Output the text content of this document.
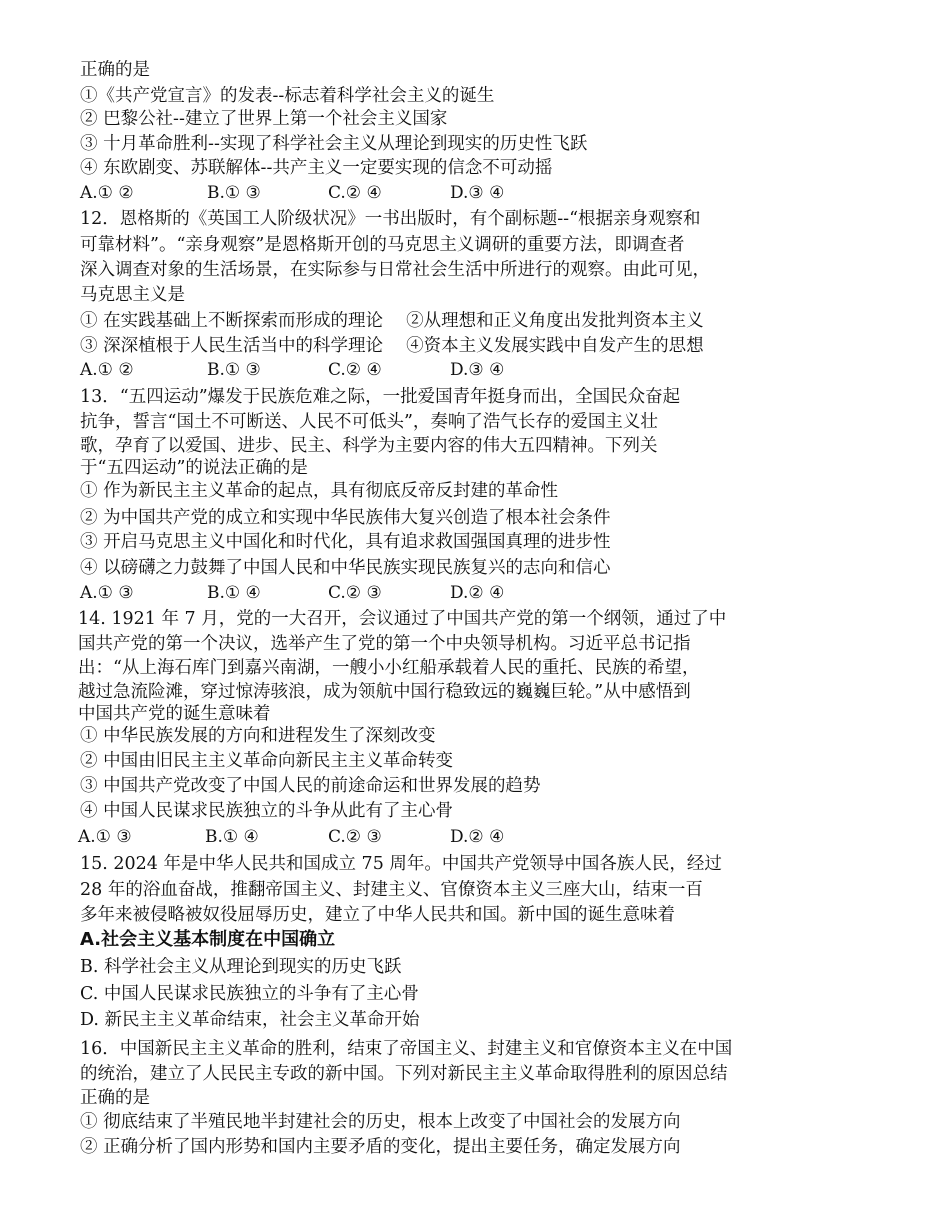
正确的是
①《共产党宣言》的发表--标志着科学社会主义的诞生
② 巴黎公社--建立了世界上第一个社会主义国家
③ 十月革命胜利--实现了科学社会主义从理论到现实的历史性飞跃
④ 东欧剧变、苏联解体--共产主义一定要实现的信念不可动摇
A.① ②	B.① ③	C.② ④	D.③ ④
12．恩格斯的《英国工人阶级状况》一书出版时，有个副标题--“根据亲身观察和
可靠材料”。“亲身观察”是恩格斯开创的马克思主义调研的重要方法，即调查者
深入调查对象的生活场景，在实际参与日常社会生活中所进行的观察。由此可见，
马克思主义是
① 在实践基础上不断探索而形成的理论　 ②从理想和正义角度出发批判资本主义
③ 深深植根于人民生活当中的科学理论　 ④资本主义发展实践中自发产生的思想
A.① ②	B.① ③	C.② ④	D.③ ④
13．“五四运动”爆发于民族危难之际，一批爱国青年挺身而出，全国民众奋起
抗争，誓言“国土不可断送、人民不可低头”，奏响了浩气长存的爱国主义壮
歌，孕育了以爱国、进步、民主、科学为主要内容的伟大五四精神。下列关
于“五四运动”的说法正确的是
① 作为新民主主义革命的起点，具有彻底反帝反封建的革命性
② 为中国共产党的成立和实现中华民族伟大复兴创造了根本社会条件
③ 开启马克思主义中国化和时代化，具有追求救国强国真理的进步性
④ 以磅礴之力鼓舞了中国人民和中华民族实现民族复兴的志向和信心
A.① ③	B.① ④	C.② ③	D.② ④
14. 1921 年 7 月，党的一大召开，会议通过了中国共产党的第一个纲领，通过了中
国共产党的第一个决议，选举产生了党的第一个中央领导机构。习近平总书记指
出：“从上海石库门到嘉兴南湖，一艘小小红船承载着人民的重托、民族的希望，
越过急流险滩，穿过惊涛骇浪，成为领航中国行稳致远的巍巍巨轮。”从中感悟到
中国共产党的诞生意味着
① 中华民族发展的方向和进程发生了深刻改变
② 中国由旧民主主义革命向新民主主义革命转变
③ 中国共产党改变了中国人民的前途命运和世界发展的趋势
④ 中国人民谋求民族独立的斗争从此有了主心骨
A.① ③	B.① ④	C.② ③	D.② ④
15. 2024 年是中华人民共和国成立 75 周年。中国共产党领导中国各族人民，经过
28 年的浴血奋战，推翻帝国主义、封建主义、官僚资本主义三座大山，结束一百
多年来被侵略被奴役屈辱历史，建立了中华人民共和国。新中国的诞生意味着
A.社会主义基本制度在中国确立
B. 科学社会主义从理论到现实的历史飞跃
C. 中国人民谋求民族独立的斗争有了主心骨
D. 新民主主义革命结束，社会主义革命开始
16．中国新民主主义革命的胜利，结束了帝国主义、封建主义和官僚资本主义在中国
的统治，建立了人民民主专政的新中国。下列对新民主主义革命取得胜利的原因总结
正确的是
① 彻底结束了半殖民地半封建社会的历史，根本上改变了中国社会的发展方向
② 正确分析了国内形势和国内主要矛盾的变化，提出主要任务，确定发展方向
